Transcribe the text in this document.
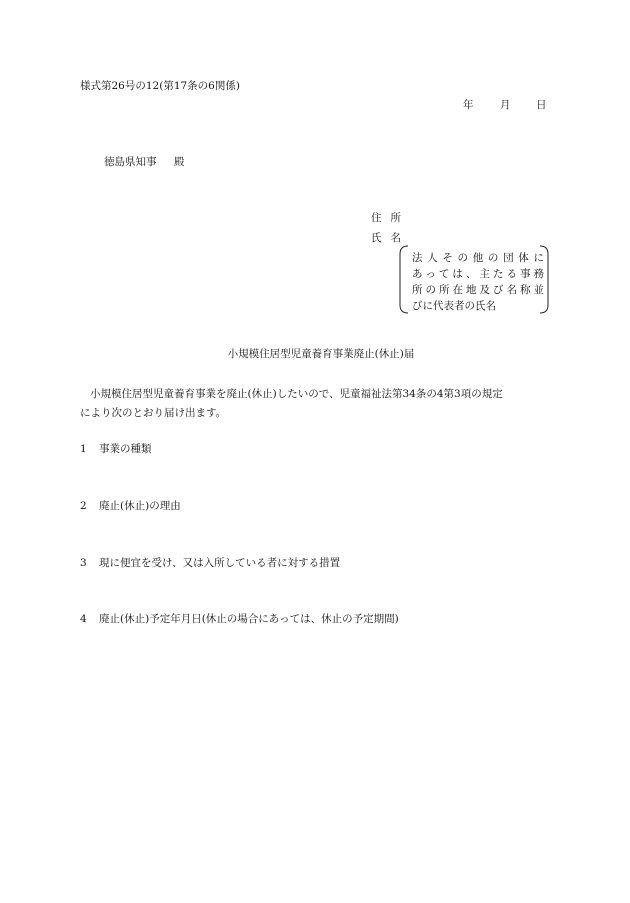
様式第26号の12(第17条の6関係)
年	月 日
徳島県知事 殿
住所
氏名
法人その他の団体に
あっては、主たる事務
所の所在地及び名称並
びに代表者の氏名
小規模住居型児童養育事業廃止(休止)届
小規模住居型児童養育事業を廃止(休止)したいので、児童福祉法第34条の4第3項の規定
により次のとおり届け出ます。
1 事業の種類
2 廃止(休止)の理由
3 現に便宜を受け、又は入所している者に対する措置
4 廃止(休止)予定年月日(休止の場合にあっては、休止の予定期間)
